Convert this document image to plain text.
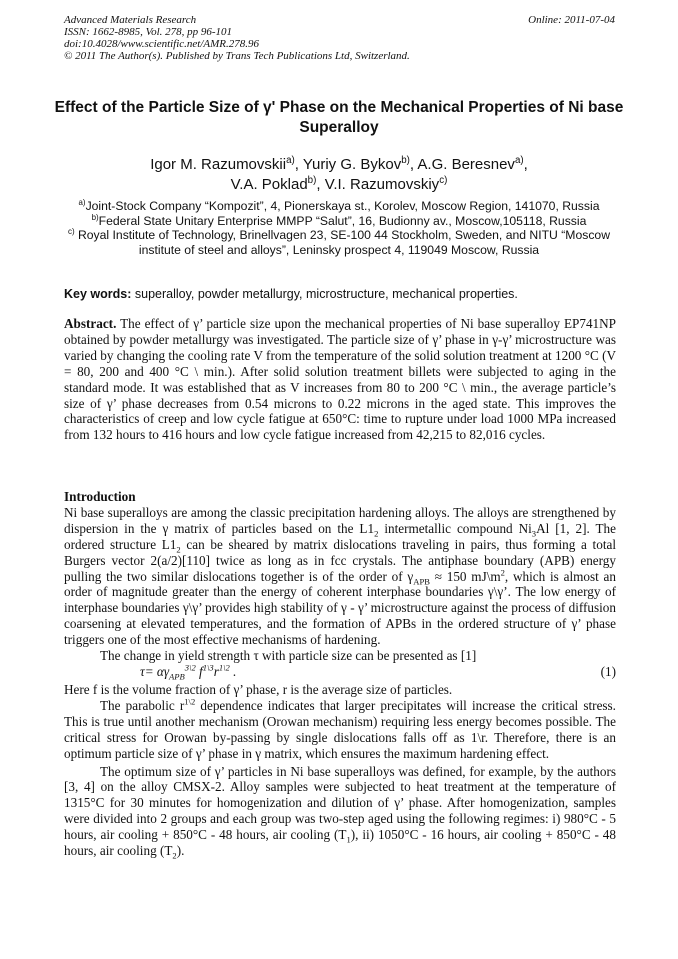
Advanced Materials Research
ISSN: 1662-8985, Vol. 278, pp 96-101
doi:10.4028/www.scientific.net/AMR.278.96
© 2011 The Author(s). Published by Trans Tech Publications Ltd, Switzerland.
Online: 2011-07-04
Effect of the Particle Size of γ' Phase on the Mechanical Properties of Ni base Superalloy
Igor M. Razumovskii$^{a)}$, Yuriy G. Bykov$^{b)}$, A.G. Beresnev$^{a)}$,
V.A. Poklad$^{b)}$, V.I. Razumovskiy$^{c)}$
$^{a)}$Joint-Stock Company “Kompozit”, 4, Pionerskaya st., Korolev, Moscow Region, 141070, Russia
$^{b)}$Federal State Unitary Enterprise MMPP “Salut”, 16, Budionny av., Moscow,105118, Russia
$^{c)}$ Royal Institute of Technology, Brinellvagen 23, SE-100 44 Stockholm, Sweden, and NITU “Moscow institute of steel and alloys”, Leninsky prospect 4, 119049 Moscow, Russia
Key words: superalloy, powder metallurgy, microstructure, mechanical properties.

Abstract. The effect of γ’ particle size upon the mechanical properties of Ni base superalloy EP741NP obtained by powder metallurgy was investigated. The particle size of γ’ phase in γ-γ’ microstructure was varied by changing the cooling rate V from the temperature of the solid solution treatment at 1200 °C (V = 80, 200 and 400 °C \ min.). After solid solution treatment billets were subjected to aging in the standard mode. It was established that as V increases from 80 to 200 °C \ min., the average particle’s size of γ’ phase decreases from 0.54 microns to 0.22 microns in the aged state. This improves the characteristics of creep and low cycle fatigue at 650°C: time to rupture under load 1000 MPa increased from 132 hours to 416 hours and low cycle fatigue increased from 42,215 to 82,016 cycles.

Introduction

Ni base superalloys are among the classic precipitation hardening alloys. The alloys are strengthened by dispersion in the γ matrix of particles based on the $L1_2$ intermetallic compound $Ni_3Al$ [1, 2]. The ordered structure $L1_2$ can be sheared by matrix dislocations traveling in pairs, thus forming a total Burgers vector 2(a/2)[110] twice as long as in fcc crystals. The antiphase boundary (APB) energy pulling the two similar dislocations together is of the order of $\gamma_{APB} \approx 150$ $mJ\backslash m^2$, which is almost an order of magnitude greater than the energy of coherent interphase boundaries γ\γ’. The low energy of interphase boundaries γ\γ’ provides high stability of γ - γ’ microstructure against the process of diffusion coarsening at elevated temperatures, and the formation of APBs in the ordered structure of γ’ phase triggers one of the most effective mechanisms of hardening.

The change in yield strength τ with particle size can be presented as [1]

$\tau= \alpha\gamma_{APB}^{3\backslash 2}$ $f^{1\backslash 3}r^{1\backslash 2}$ .	(1)

Here f is the volume fraction of γ’ phase, r is the average size of particles.

The parabolic $r^{1\backslash 2}$ dependence indicates that larger precipitates will increase the critical stress. This is true until another mechanism (Orowan mechanism) requiring less energy becomes possible. The critical stress for Orowan by-passing by single dislocations falls off as 1\r. Therefore, there is an optimum particle size of γ’ phase in γ matrix, which ensures the maximum hardening effect.

The optimum size of γ’ particles in Ni base superalloys was defined, for example, by the authors [3, 4] on the alloy CMSX-2. Alloy samples were subjected to heat treatment at the temperature of 1315°C for 30 minutes for homogenization and dilution of γ’ phase. After homogenization, samples were divided into 2 groups and each group was two-step aged using the following regimes: i) 980°C - 5 hours, air cooling + 850°C - 48 hours, air cooling $(T_1)$, ii) 1050°C - 16 hours, air cooling + 850°C - 48 hours, air cooling $(T_2)$.
